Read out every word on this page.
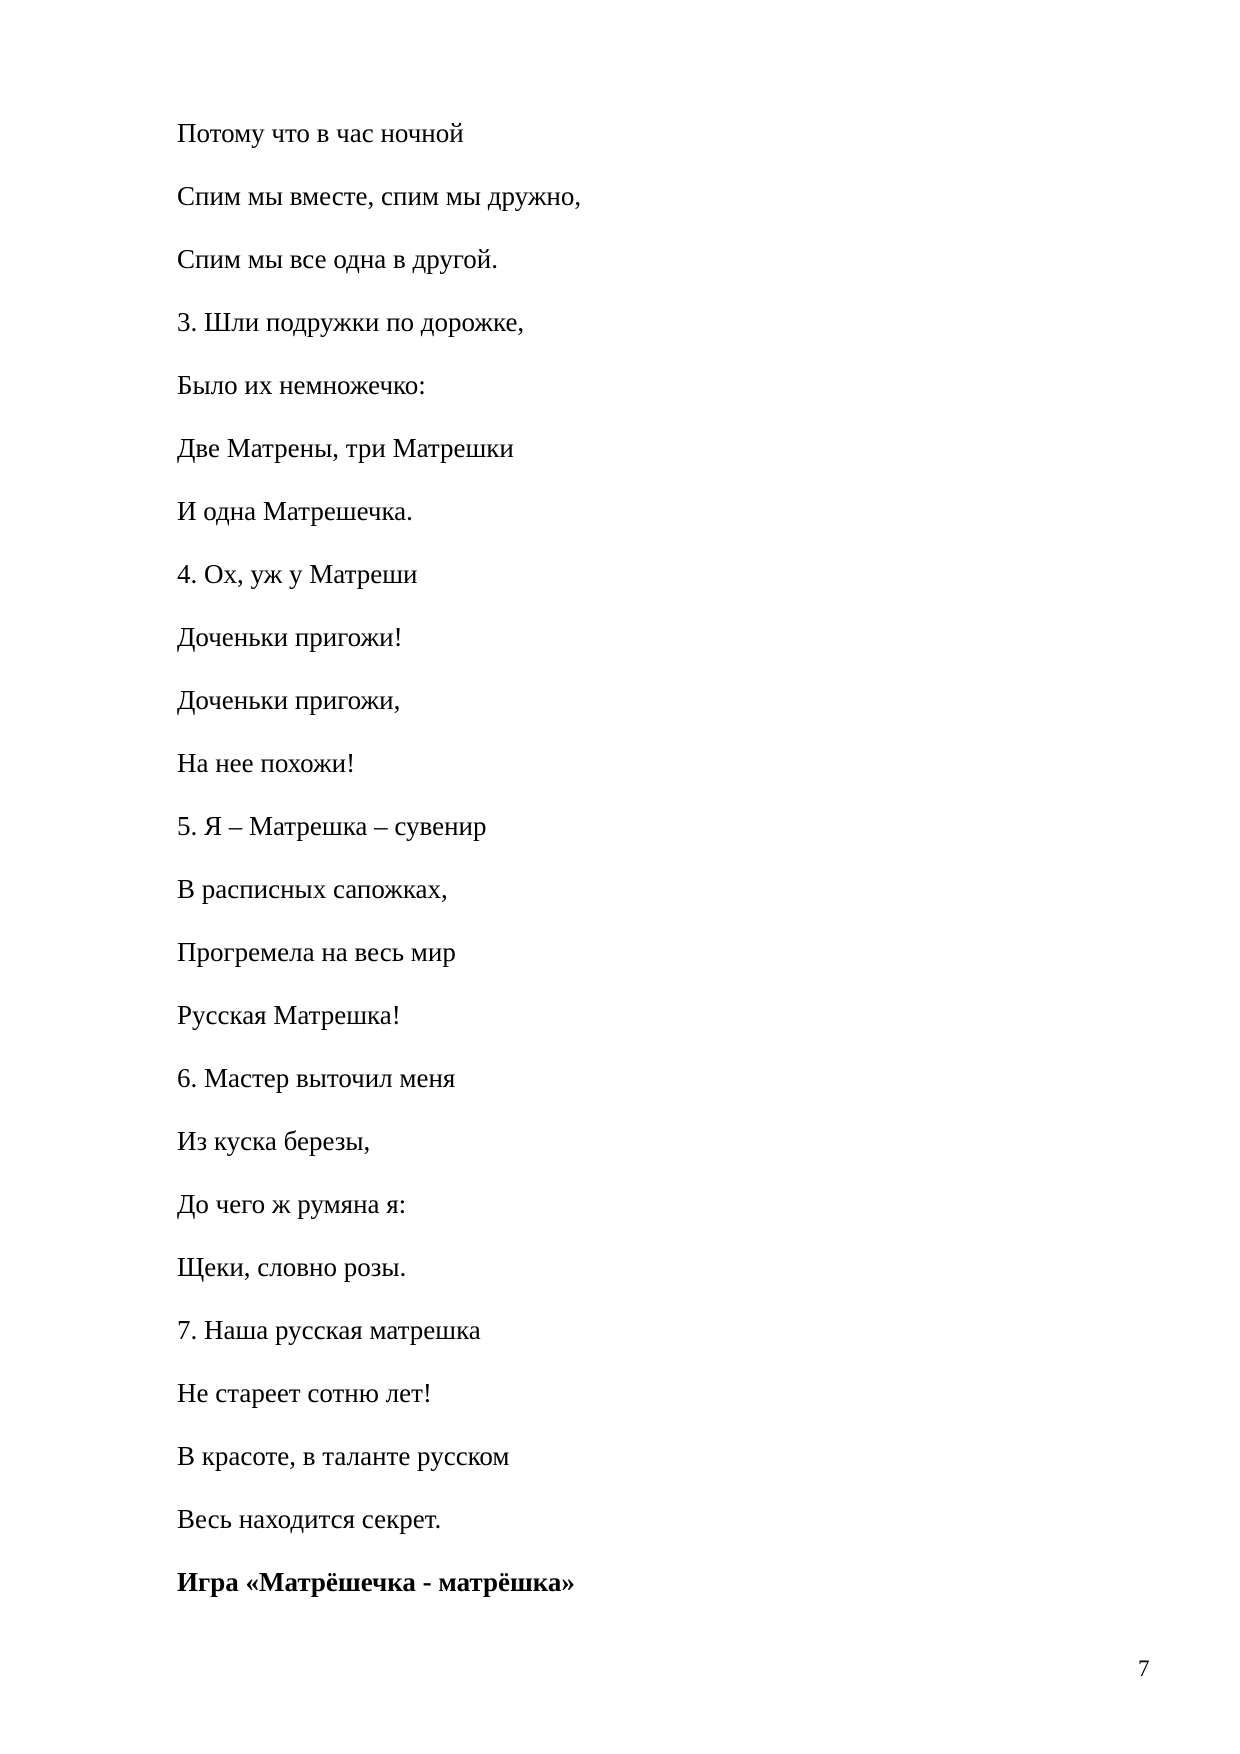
Потому что в час ночной
Спим мы вместе, спим мы дружно,
Спим мы все одна в другой.
3. Шли подружки по дорожке,
Было их немножечко:
Две Матрены, три Матрешки
И одна Матрешечка.
4. Ох, уж у Матреши
Доченьки пригожи!
Доченьки пригожи,
На нее похожи!
5. Я – Матрешка – сувенир
В расписных сапожках,
Прогремела на весь мир
Русская Матрешка!
6. Мастер выточил меня
Из куска березы,
До чего ж румяна я:
Щеки, словно розы.
7. Наша русская матрешка
Не стареет сотню лет!
В красоте, в таланте русском
Весь находится секрет.
Игра «Матрёшечка - матрёшка»
7
